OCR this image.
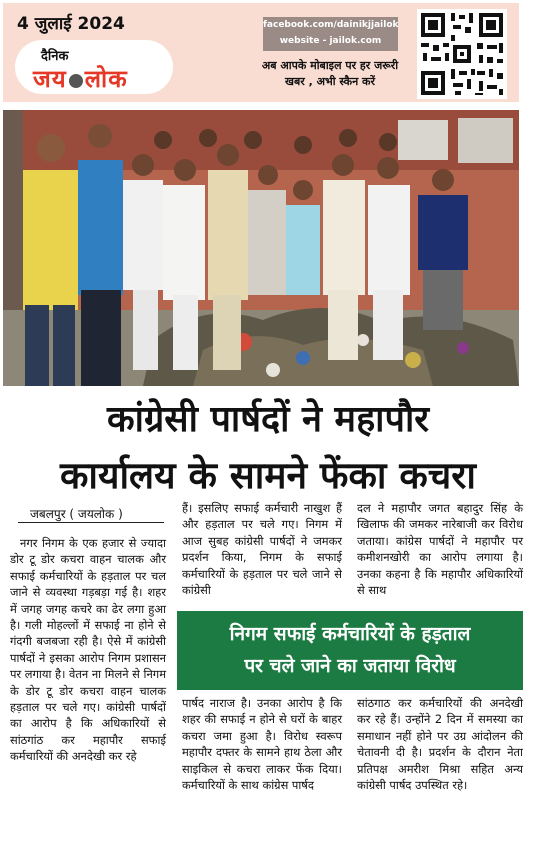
4 जुलाई 2024
दैनिक
जय लोक
facebook.com/dainikjjailok
website - jailok.com
अब आपके मोबाइल पर हर जरूरी
खबर , अभी स्कैन करें
कांग्रेसी पार्षदों ने महापौर
कार्यालय के सामने फेंका कचरा
जबलपुर ( जयलोक )
नगर निगम के एक हजार से ज्यादा डोर टू डोर कचरा वाहन चालक और सफाई कर्मचारियों के हड़ताल पर चल जाने से व्यवस्था गड़बड़ा गई है। शहर में जगह जगह कचरे का ढेर लगा हुआ है। गली मोहल्लों में सफाई ना होने से गंदगी बजबजा रही है। ऐसे में कांग्रेसी पार्षदों ने इसका आरोप निगम प्रशासन पर लगाया है। वेतन ना मिलने से निगम के डोर टू डोर कचरा वाहन चालक हड़ताल पर चले गए। कांग्रेसी पार्षदों का आरोप है कि अधिकारियों से सांठगांठ कर महापौर सफाई कर्मचारियों की अनदेखी कर रहे
हैं। इसलिए सफाई कर्मचारी नाखुश हैं और हड़ताल पर चले गए। निगम में आज सुबह कांग्रेसी पार्षदों ने जमकर प्रदर्शन किया, निगम के सफाई कर्मचारियों के हड़ताल पर चले जाने से कांग्रेसी
दल ने महापौर जगत बहादुर सिंह के खिलाफ की जमकर नारेबाजी कर विरोध जताया। कांग्रेस पार्षदों ने महापौर पर कमीशनखोरी का आरोप लगाया है। उनका कहना है कि महापौर अधिकारियों से साथ
निगम सफाई कर्मचारियों के हड़ताल
पर चले जाने का जताया विरोध
पार्षद नाराज है। उनका आरोप है कि शहर की सफाई न होने से घरों के बाहर कचरा जमा हुआ है। विरोध स्वरूप महापौर दफ्तर के सामने हाथ ठेला और साइकिल से कचरा लाकर फेंक दिया। कर्मचारियों के साथ कांग्रेस पार्षद
सांठगाठ कर कर्मचारियों की अनदेखी कर रहे हैं। उन्होंने 2 दिन में समस्या का समाधान नहीं होने पर उग्र आंदोलन की चेतावनी दी है। प्रदर्शन के दौरान नेता प्रतिपक्ष अमरीश मिश्रा सहित अन्य कांग्रेसी पार्षद उपस्थित रहे।
